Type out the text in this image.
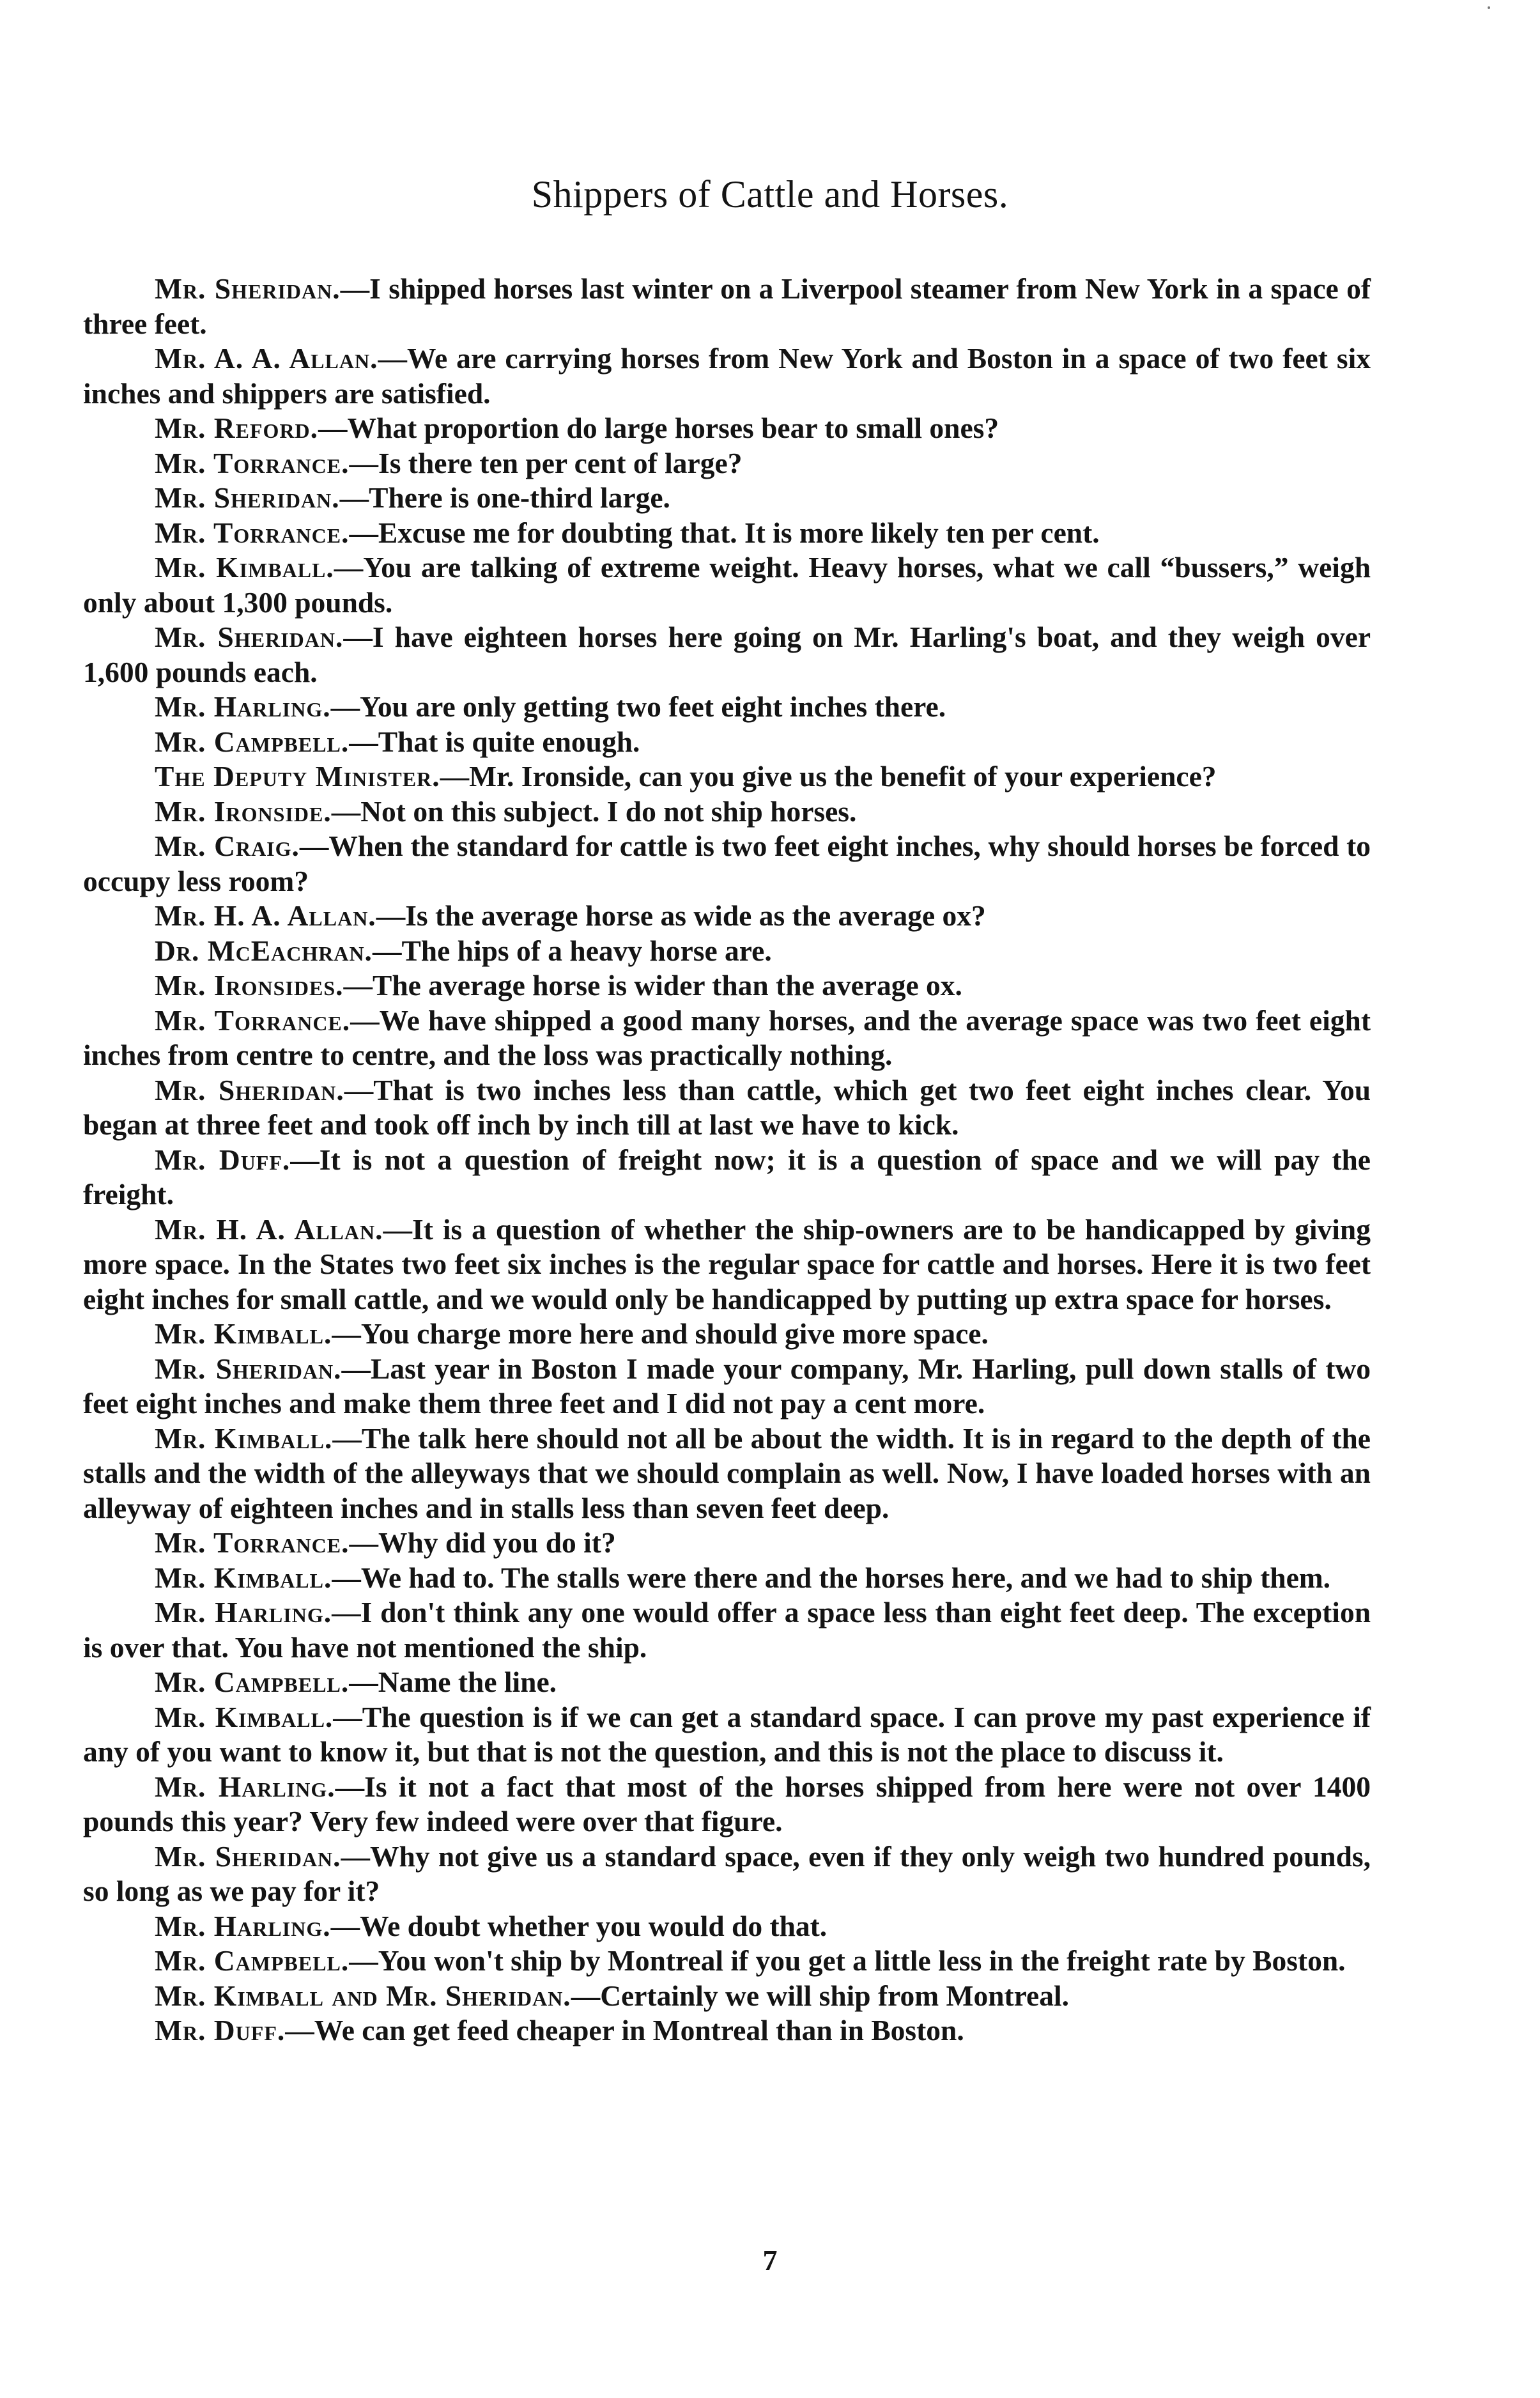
Shippers of Cattle and Horses.

Mr. Sheridan.—I shipped horses last winter on a Liverpool steamer from New York in a space of three feet.

Mr. A. A. Allan.—We are carrying horses from New York and Boston in a space of two feet six inches and shippers are satisfied.

Mr. Reford.—What proportion do large horses bear to small ones?

Mr. Torrance.—Is there ten per cent of large?

Mr. Sheridan.—There is one-third large.

Mr. Torrance.—Excuse me for doubting that. It is more likely ten per cent.

Mr. Kimball.—You are talking of extreme weight. Heavy horses, what we call “bussers,” weigh only about 1,300 pounds.

Mr. Sheridan.—I have eighteen horses here going on Mr. Harling's boat, and they weigh over 1,600 pounds each.

Mr. Harling.—You are only getting two feet eight inches there.

Mr. Campbell.—That is quite enough.

The Deputy Minister.—Mr. Ironside, can you give us the benefit of your experience?

Mr. Ironside.—Not on this subject. I do not ship horses.

Mr. Craig.—When the standard for cattle is two feet eight inches, why should horses be forced to occupy less room?

Mr. H. A. Allan.—Is the average horse as wide as the average ox?

Dr. McEachran.—The hips of a heavy horse are.

Mr. Ironsides.—The average horse is wider than the average ox.

Mr. Torrance.—We have shipped a good many horses, and the average space was two feet eight inches from centre to centre, and the loss was practically nothing.

Mr. Sheridan.—That is two inches less than cattle, which get two feet eight inches clear. You began at three feet and took off inch by inch till at last we have to kick.

Mr. Duff.—It is not a question of freight now; it is a question of space and we will pay the freight.

Mr. H. A. Allan.—It is a question of whether the ship-owners are to be handicapped by giving more space. In the States two feet six inches is the regular space for cattle and horses. Here it is two feet eight inches for small cattle, and we would only be handicapped by putting up extra space for horses.

Mr. Kimball.—You charge more here and should give more space.

Mr. Sheridan.—Last year in Boston I made your company, Mr. Harling, pull down stalls of two feet eight inches and make them three feet and I did not pay a cent more.

Mr. Kimball.—The talk here should not all be about the width. It is in regard to the depth of the stalls and the width of the alleyways that we should complain as well. Now, I have loaded horses with an alleyway of eighteen inches and in stalls less than seven feet deep.

Mr. Torrance.—Why did you do it?

Mr. Kimball.—We had to. The stalls were there and the horses here, and we had to ship them.

Mr. Harling.—I don't think any one would offer a space less than eight feet deep. The exception is over that. You have not mentioned the ship.

Mr. Campbell.—Name the line.

Mr. Kimball.—The question is if we can get a standard space. I can prove my past experience if any of you want to know it, but that is not the question, and this is not the place to discuss it.

Mr. Harling.—Is it not a fact that most of the horses shipped from here were not over 1400 pounds this year? Very few indeed were over that figure.

Mr. Sheridan.—Why not give us a standard space, even if they only weigh two hundred pounds, so long as we pay for it?

Mr. Harling.—We doubt whether you would do that.

Mr. Campbell.—You won't ship by Montreal if you get a little less in the freight rate by Boston.

Mr. Kimball and Mr. Sheridan.—Certainly we will ship from Montreal.

Mr. Duff.—We can get feed cheaper in Montreal than in Boston.

7
